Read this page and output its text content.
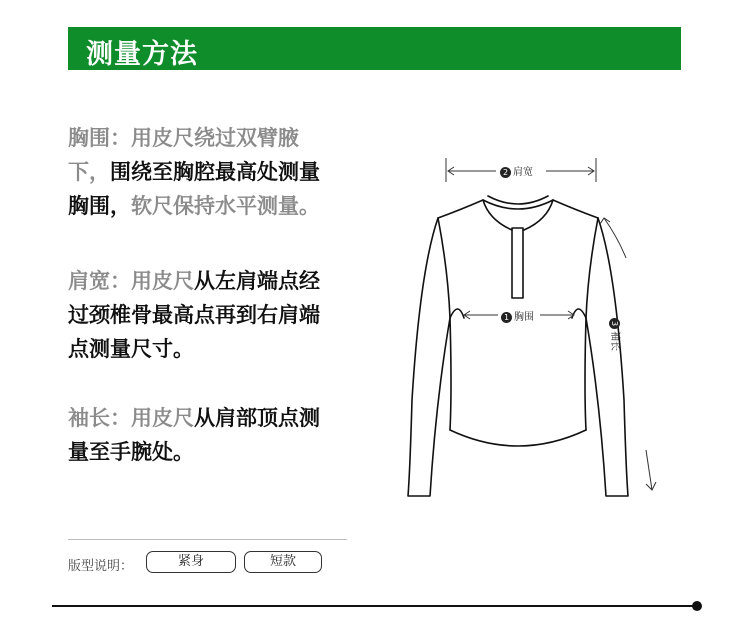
测量方法
胸围：用皮尺绕过双臂腋
下，围绕至胸腔最高处测量
胸围，软尺保持水平测量。
肩宽：用皮尺从左肩端点经
过颈椎骨最高点再到右肩端
点测量尺寸。
袖长：用皮尺从肩部顶点测
量至手腕处。
2 肩宽
1 胸围
3袖长
版型说明：	紧身	短款
